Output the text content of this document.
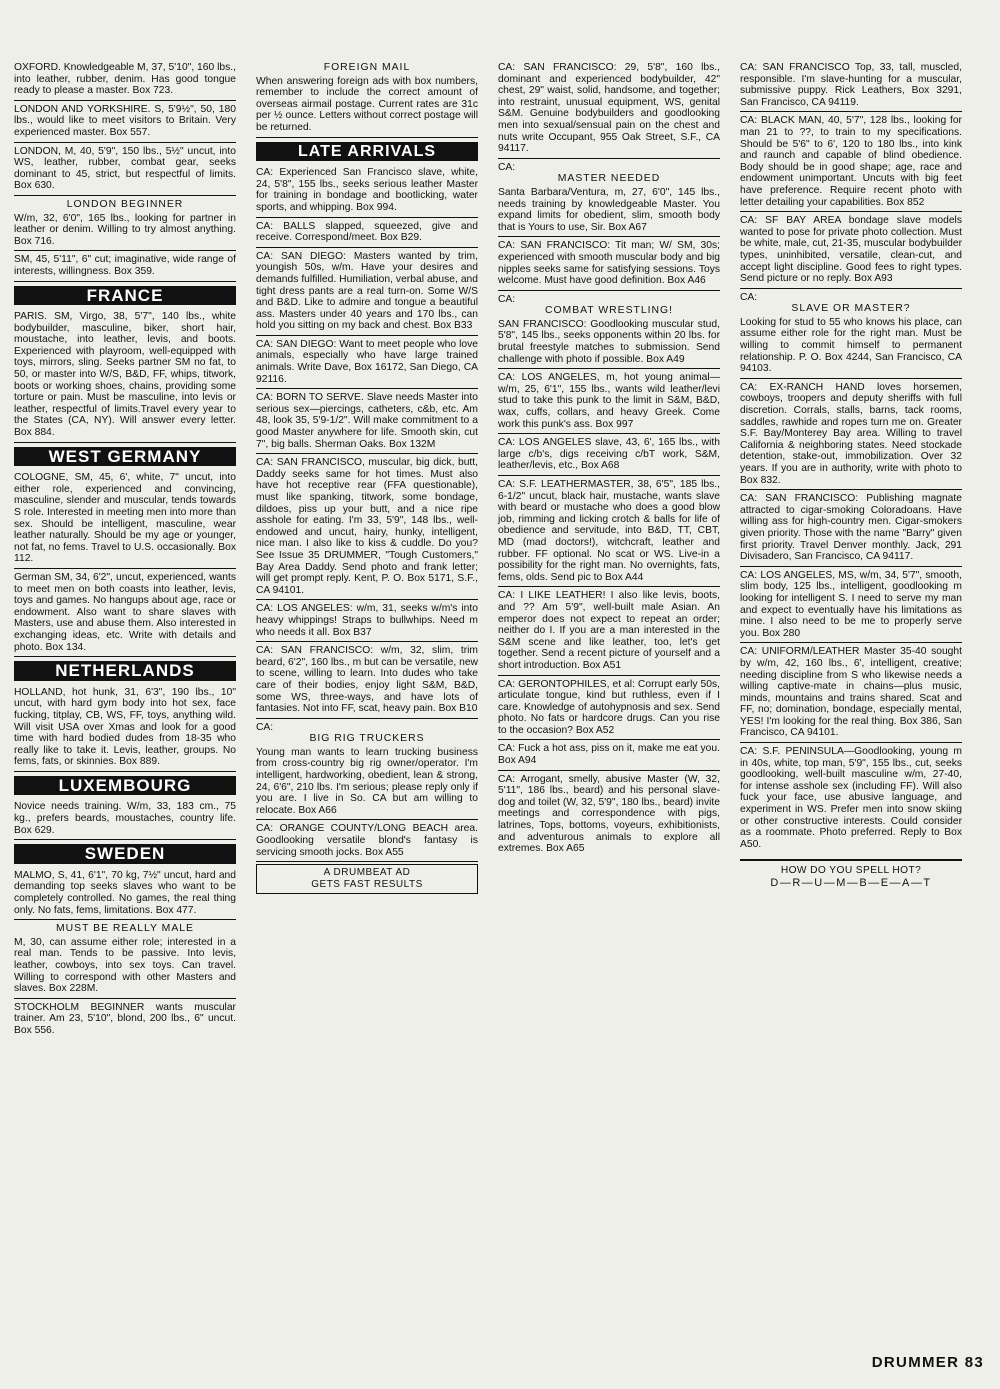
OXFORD. Knowledgeable M, 37, 5'10", 160 lbs., into leather, rubber, denim. Has good tongue ready to please a master. Box 723.

LONDON AND YORKSHIRE. S, 5'9½", 50, 180 lbs., would like to meet visitors to Britain. Very experienced master. Box 557.

LONDON, M, 40, 5'9", 150 lbs., 5½" uncut, into WS, leather, rubber, combat gear, seeks dominant to 45, strict, but respectful of limits. Box 630.

LONDON BEGINNER

W/m, 32, 6'0", 165 lbs., looking for partner in leather or denim. Willing to try almost anything. Box 716.

SM, 45, 5'11", 6" cut; imaginative, wide range of interests, willingness. Box 359.

FRANCE

PARIS. SM, Virgo, 38, 5'7", 140 lbs., white bodybuilder, masculine, biker, short hair, moustache, into leather, levis, and boots. Experienced with playroom, well-equipped with toys, mirrors, sling. Seeks partner SM no fat, to 50, or master into W/S, B&D, FF, whips, titwork, boots or working shoes, chains, providing some torture or pain. Must be masculine, into levis or leather, respectful of limits.Travel every year to the States (CA, NY). Will answer every letter. Box 884.

WEST GERMANY

COLOGNE, SM, 45, 6', white, 7" uncut, into either role, experienced and convincing, masculine, slender and muscular, tends towards S role. Interested in meeting men into more than sex. Should be intelligent, masculine, wear leather naturally. Should be my age or younger, not fat, no fems. Travel to U.S. occasionally. Box 112.

German SM, 34, 6'2", uncut, experienced, wants to meet men on both coasts into leather, levis, toys and games. No hangups about age, race or endowment. Also want to share slaves with Masters, use and abuse them. Also interested in exchanging ideas, etc. Write with details and photo. Box 134.

NETHERLANDS

HOLLAND, hot hunk, 31, 6'3", 190 lbs., 10" uncut, with hard gym body into hot sex, face fucking, titplay, CB, WS, FF, toys, anything wild. Will visit USA over Xmas and look for a good time with hard bodied dudes from 18-35 who really like to take it. Levis, leather, groups. No fems, fats, or skinnies. Box 889.

LUXEMBOURG

Novice needs training. W/m, 33, 183 cm., 75 kg., prefers beards, moustaches, country life. Box 629.

SWEDEN

MALMO, S, 41, 6'1", 70 kg, 7½" uncut, hard and demanding top seeks slaves who want to be completely controlled. No games, the real thing only. No fats, fems, limitations. Box 477.

MUST BE REALLY MALE

M, 30, can assume either role; interested in a real man. Tends to be passive. Into levis, leather, cowboys, into sex toys. Can travel. Willing to correspond with other Masters and slaves. Box 228M.

STOCKHOLM BEGINNER wants muscular trainer. Am 23, 5'10", blond, 200 lbs., 6" uncut. Box 556.

FOREIGN MAIL

When answering foreign ads with box numbers, remember to include the correct amount of overseas airmail postage. Current rates are 31c per ½ ounce. Letters without correct postage will be returned.

LATE ARRIVALS

CA: Experienced San Francisco slave, white, 24, 5'8", 155 lbs., seeks serious leather Master for training in bondage and bootlicking, water sports, and whipping. Box 994.

CA: BALLS slapped, squeezed, give and receive. Correspond/meet. Box B29.

CA: SAN DIEGO: Masters wanted by trim, youngish 50s, w/m. Have your desires and demands fulfilled. Humiliation, verbal abuse, and tight dress pants are a real turn-on. Some W/S and B&D. Like to admire and tongue a beautiful ass. Masters under 40 years and 170 lbs., can hold you sitting on my back and chest. Box B33

CA: SAN DIEGO: Want to meet people who love animals, especially who have large trained animals. Write Dave, Box 16172, San Diego, CA 92116.

CA: BORN TO SERVE. Slave needs Master into serious sex—piercings, catheters, c&b, etc. Am 48, look 35, 5'9-1/2". Will make commitment to a good Master anywhere for life. Smooth skin, cut 7", big balls. Sherman Oaks. Box 132M

CA: SAN FRANCISCO, muscular, big dick, butt, Daddy seeks same for hot times. Must also have hot receptive rear (FFA questionable), must like spanking, titwork, some bondage, dildoes, piss up your butt, and a nice ripe asshole for eating. I'm 33, 5'9", 148 lbs., well-endowed and uncut, hairy, hunky, intelligent, nice man. I also like to kiss & cuddle. Do you? See Issue 35 DRUMMER, "Tough Customers," Bay Area Daddy. Send photo and frank letter; will get prompt reply. Kent, P. O. Box 5171, S.F., CA 94101.

CA: LOS ANGELES: w/m, 31, seeks w/m's into heavy whippings! Straps to bullwhips. Need m who needs it all. Box B37

CA: SAN FRANCISCO: w/m, 32, slim, trim beard, 6'2", 160 lbs., m but can be versatile, new to scene, willing to learn. Into dudes who take care of their bodies, enjoy light S&M, B&D, some WS, three-ways, and have lots of fantasies. Not into FF, scat, heavy pain. Box B10

CA:

BIG RIG TRUCKERS

Young man wants to learn trucking business from cross-country big rig owner/operator. I'm intelligent, hardworking, obedient, lean & strong, 24, 6'6", 210 lbs. I'm serious; please reply only if you are. I live in So. CA but am willing to relocate. Box A66

CA: ORANGE COUNTY/LONG BEACH area. Goodlooking versatile blond's fantasy is servicing smooth jocks. Box A55

A DRUMBEAT AD
GETS FAST RESULTS

CA: SAN FRANCISCO: 29, 5'8", 160 lbs., dominant and experienced bodybuilder, 42" chest, 29" waist, solid, handsome, and together; into restraint, unusual equipment, WS, genital S&M. Genuine bodybuilders and goodlooking men into sexual/sensual pain on the chest and nuts write Occupant, 955 Oak Street, S.F., CA 94117.

CA:

MASTER NEEDED

Santa Barbara/Ventura, m, 27, 6'0", 145 lbs., needs training by knowledgeable Master. You expand limits for obedient, slim, smooth body that is Yours to use, Sir. Box A67

CA: SAN FRANCISCO: Tit man; W/ SM, 30s; experienced with smooth muscular body and big nipples seeks same for satisfying sessions. Toys welcome. Must have good definition. Box A46

CA:

COMBAT WRESTLING!

SAN FRANCISCO: Goodlooking muscular stud, 5'8", 145 lbs., seeks opponents within 20 lbs. for brutal freestyle matches to submission. Send challenge with photo if possible. Box A49

CA: LOS ANGELES, m, hot young animal—w/m, 25, 6'1", 155 lbs., wants wild leather/levi stud to take this punk to the limit in S&M, B&D, wax, cuffs, collars, and heavy Greek. Come work this punk's ass. Box 997

CA: LOS ANGELES slave, 43, 6', 165 lbs., with large c/b's, digs receiving c/bT work, S&M, leather/levis, etc., Box A68

CA: S.F. LEATHERMASTER, 38, 6'5", 185 lbs., 6-1/2" uncut, black hair, mustache, wants slave with beard or mustache who does a good blow job, rimming and licking crotch & balls for life of obedience and servitude, into B&D, TT, CBT, MD (mad doctors!), witchcraft, leather and rubber. FF optional. No scat or WS. Live-in a possibility for the right man. No overnights, fats, fems, olds. Send pic to Box A44

CA: I LIKE LEATHER! I also like levis, boots, and ?? Am 5'9", well-built male Asian. An emperor does not expect to repeat an order; neither do I. If you are a man interested in the S&M scene and like leather, too, let's get together. Send a recent picture of yourself and a short introduction. Box A51

CA: GERONTOPHILES, et al: Corrupt early 50s, articulate tongue, kind but ruthless, even if I care. Knowledge of autohypnosis and sex. Send photo. No fats or hardcore drugs. Can you rise to the occasion? Box A52

CA: Fuck a hot ass, piss on it, make me eat you. Box A94

CA: Arrogant, smelly, abusive Master (W, 32, 5'11", 186 lbs., beard) and his personal slave-dog and toilet (W, 32, 5'9", 180 lbs., beard) invite meetings and correspondence with pigs, latrines, Tops, bottoms, voyeurs, exhibitionists, and adventurous animals to explore all extremes. Box A65

CA: SAN FRANCISCO Top, 33, tall, muscled, responsible. I'm slave-hunting for a muscular, submissive puppy. Rick Leathers, Box 3291, San Francisco, CA 94119.

CA: BLACK MAN, 40, 5'7", 128 lbs., looking for man 21 to ??, to train to my specifications. Should be 5'6" to 6', 120 to 180 lbs., into kink and raunch and capable of blind obedience. Body should be in good shape; age, race and endowment unimportant. Uncuts with big feet have preference. Require recent photo with letter detailing your capabilities. Box 852

CA: SF BAY AREA bondage slave models wanted to pose for private photo collection. Must be white, male, cut, 21-35, muscular bodybuilder types, uninhibited, versatile, clean-cut, and accept light discipline. Good fees to right types. Send picture or no reply. Box A93

CA:

SLAVE OR MASTER?

Looking for stud to 55 who knows his place, can assume either role for the right man. Must be willing to commit himself to permanent relationship. P. O. Box 4244, San Francisco, CA 94103.

CA: EX-RANCH HAND loves horsemen, cowboys, troopers and deputy sheriffs with full discretion. Corrals, stalls, barns, tack rooms, saddles, rawhide and ropes turn me on. Greater S.F. Bay/Monterey Bay area. Willing to travel California & neighboring states. Need stockade detention, stake-out, immobilization. Over 32 years. If you are in authority, write with photo to Box 832.

CA: SAN FRANCISCO: Publishing magnate attracted to cigar-smoking Coloradoans. Have willing ass for high-country men. Cigar-smokers given priority. Those with the name "Barry" given first priority. Travel Denver monthly. Jack, 291 Divisadero, San Francisco, CA 94117.

CA: LOS ANGELES, MS, w/m, 34, 5'7", smooth, slim body, 125 lbs., intelligent, goodlooking m looking for intelligent S. I need to serve my man and expect to eventually have his limitations as mine. I also need to be me to properly serve you. Box 280

CA: UNIFORM/LEATHER Master 35-40 sought by w/m, 42, 160 lbs., 6', intelligent, creative; needing discipline from S who likewise needs a willing captive-mate in chains—plus music, minds, mountains and trains shared. Scat and FF, no; domination, bondage, especially mental, YES! I'm looking for the real thing. Box 386, San Francisco, CA 94101.

CA: S.F. PENINSULA—Goodlooking, young m in 40s, white, top man, 5'9", 155 lbs., cut, seeks goodlooking, well-built masculine w/m, 27-40, for intense asshole sex (including FF). Will also fuck your face, use abusive language, and experiment in WS. Prefer men into snow skiing or other constructive interests. Could consider as a roommate. Photo preferred. Reply to Box A50.

HOW DO YOU SPELL HOT?
D—R—U—M—B—E—A—T
DRUMMER 83
